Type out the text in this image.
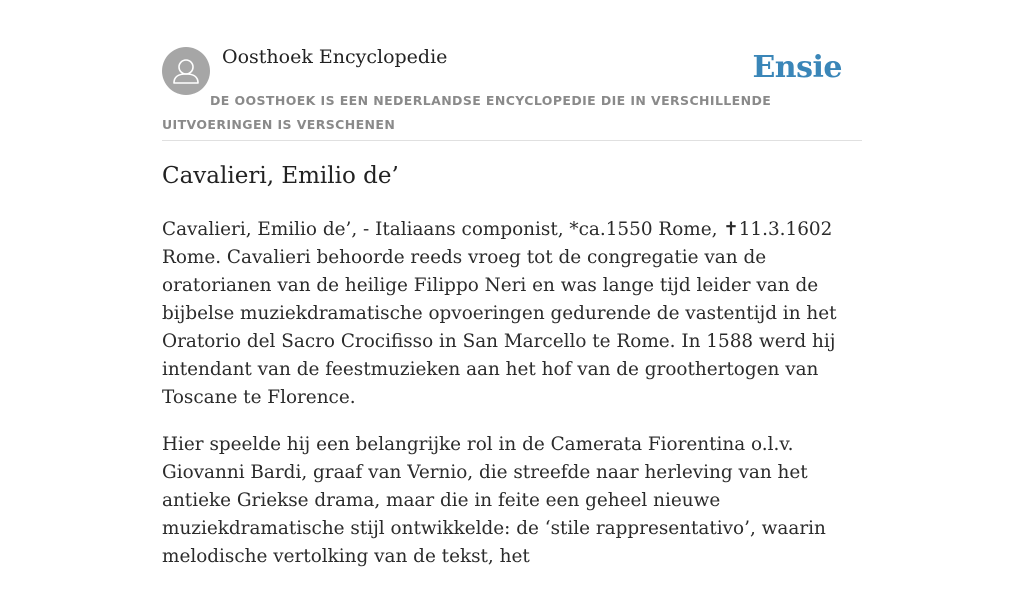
Oosthoek Encyclopedie	Ensie
DE OOSTHOEK IS EEN NEDERLANDSE ENCYCLOPEDIE DIE IN VERSCHILLENDE UITVOERINGEN IS VERSCHENEN
Cavalieri, Emilio de’

Cavalieri, Emilio de’, - Italiaans componist, *ca.1550 Rome, ✝11.3.1602 Rome. Cavalieri behoorde reeds vroeg tot de congregatie van de oratorianen van de heilige Filippo Neri en was lange tijd leider van de bijbelse muziekdramatische opvoeringen gedurende de vastentijd in het Oratorio del Sacro Crocifisso in San Marcello te Rome. In 1588 werd hij intendant van de feestmuzieken aan het hof van de groothertogen van Toscane te Florence.

Hier speelde hij een belangrijke rol in de Camerata Fiorentina o.l.v. Giovanni Bardi, graaf van Vernio, die streefde naar herleving van het antieke Griekse drama, maar die in feite een geheel nieuwe muziekdramatische stijl ontwikkelde: de ‘stile rappresentativo’, waarin melodische vertolking van de tekst, het
